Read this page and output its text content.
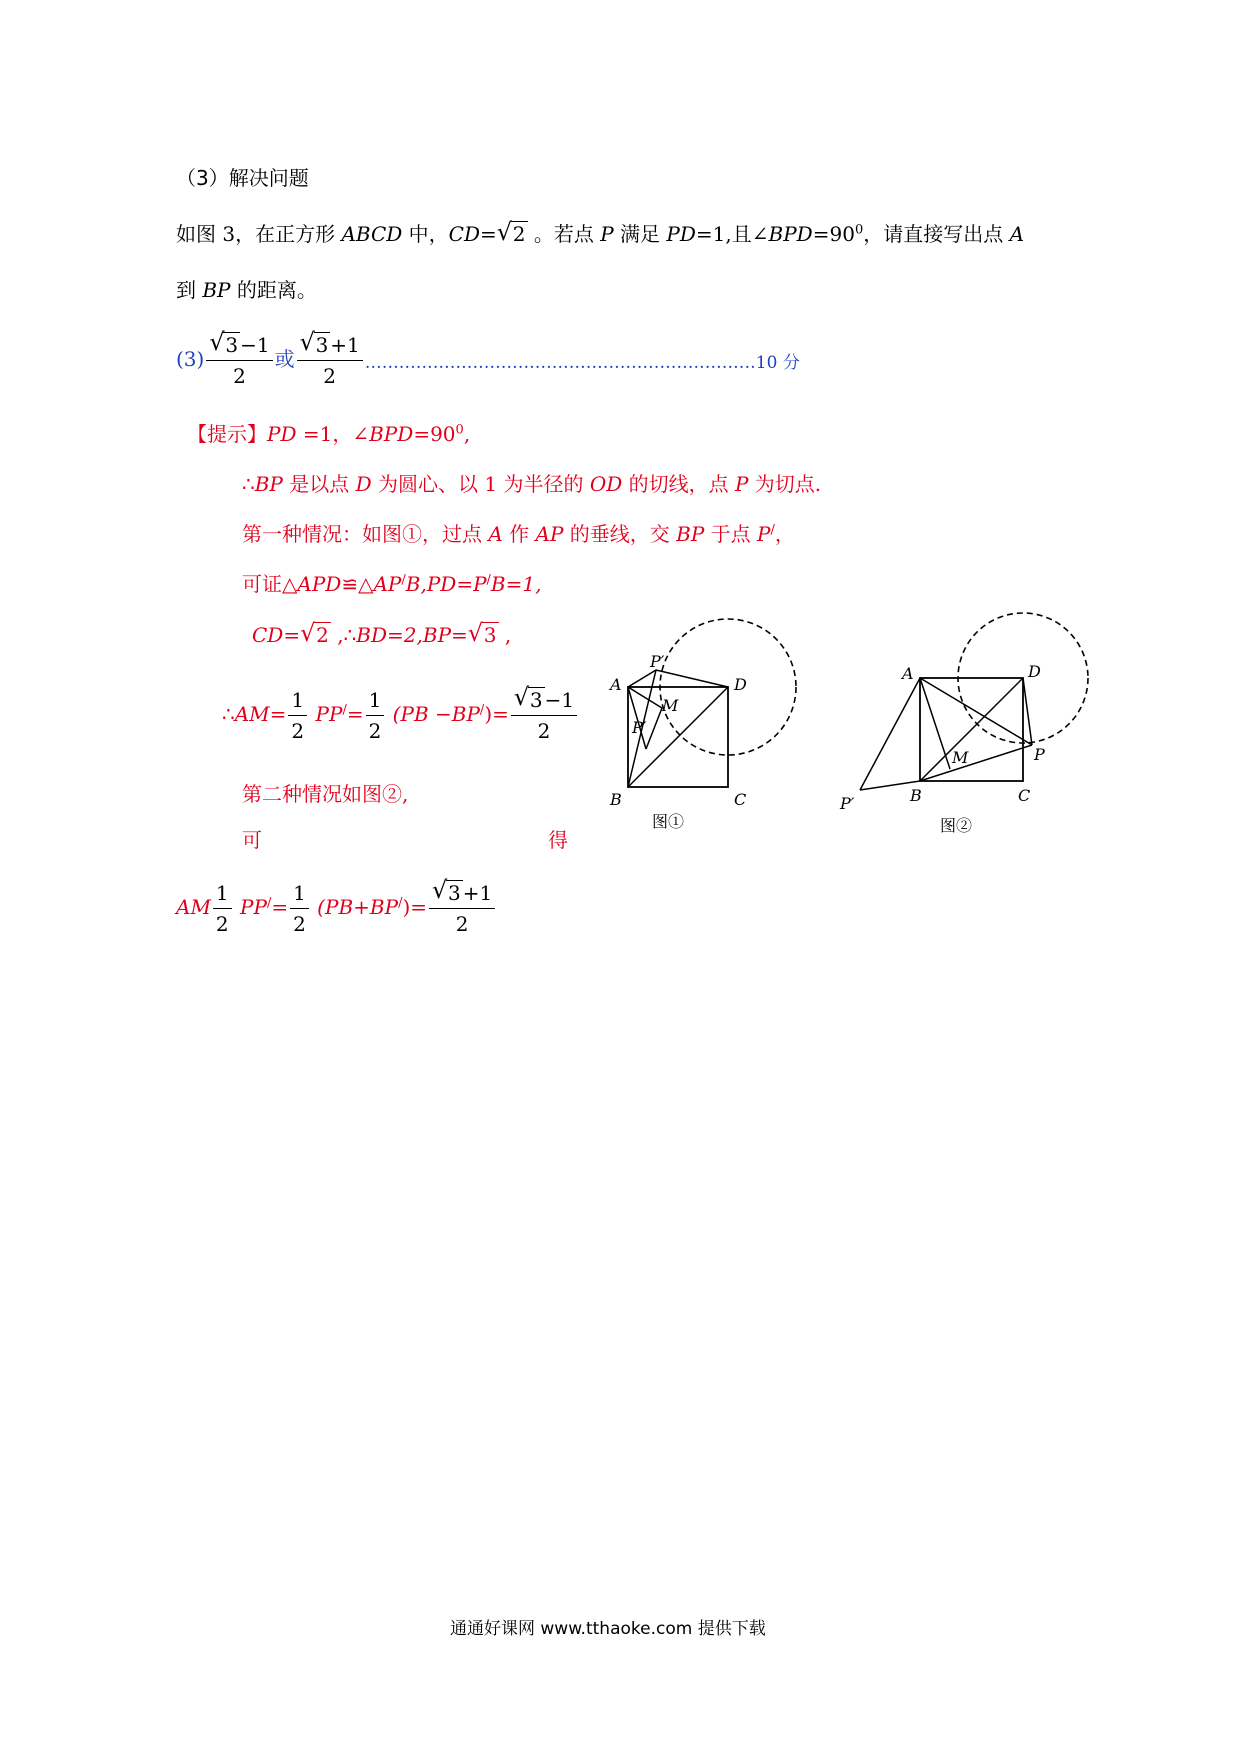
（3）解决问题
如图 3，在正方形 ABCD 中，CD= √ 2 。若点 P 满足 PD=1,且$\angle BPD=90^0$，请直接写出点 A
到 BP 的距离。
(3) √ $\frac{3 -1}{2}$ 或 √ $\frac{3 +1}{2}$ ……………………………………………………………10 分
【提示】PD =1，$\angle BPD=90^0$,
∴BP 是以点 D 为圆心、以 1 为半径的 OD 的切线，点 P 为切点.
第一种情况：如图①，过点 A 作 AP 的垂线，交 BP 于点 P/，
可证△APD≌△AP/B,PD=P/B=1,
CD= √ 2 ,∴BD=2,BP= √ 3 ,
∴AM= $\frac{1}{2} PP^/= \frac{1}{2} (PB -BP^/)=$ √ $\frac{3 -1}{2}$
第二种情况如图②,
可	得
AM $\frac{1}{2} PP^/= \frac{1}{2} (PB+BP^/)=$ √ $\frac{3 +1}{2}$
A	D
B	C
P′
P′
M
图①
A	D
B	C
P
M
P′
图②
通通好课网 www.tthaoke.com 提供下载
